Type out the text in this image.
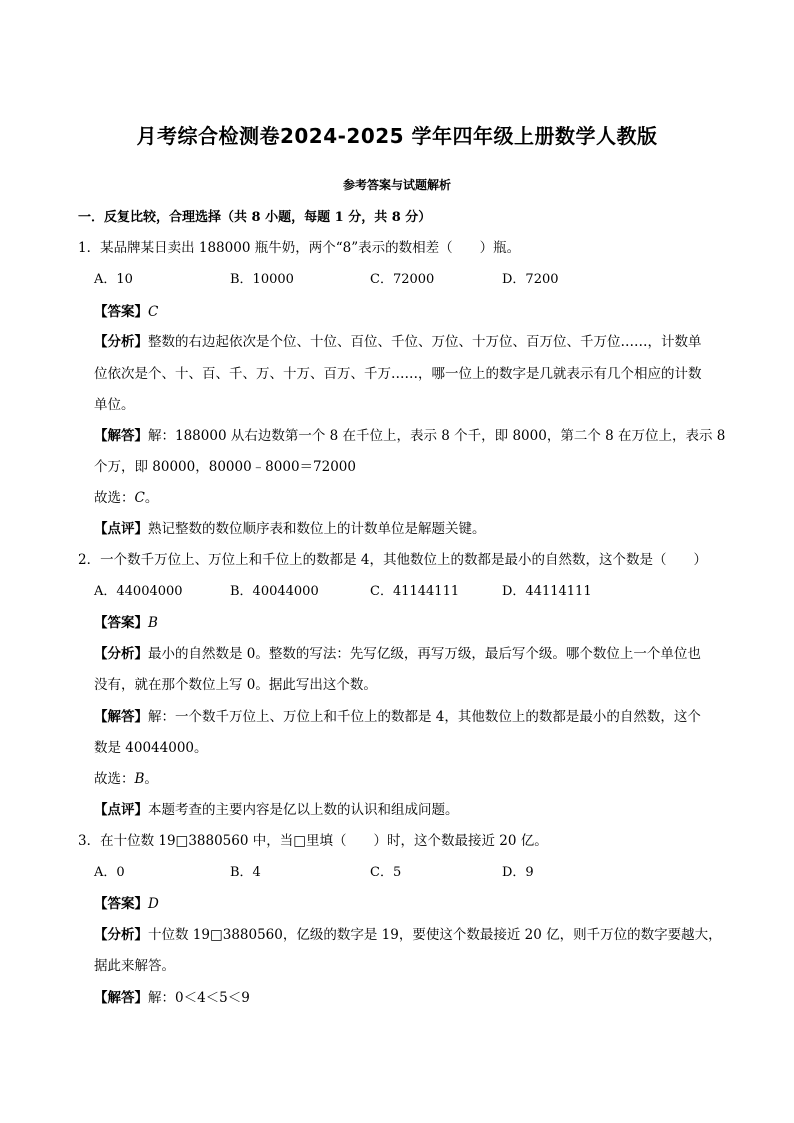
月考综合检测卷2024-2025 学年四年级上册数学人教版
参考答案与试题解析
一．反复比较，合理选择（共 8 小题，每题 1 分，共 8 分）
1．某品牌某日卖出 188000 瓶牛奶，两个“8”表示的数相差（　　）瓶。
A．10	B．10000	C．72000	D．7200
【答案】C
【分析】整数的右边起依次是个位、十位、百位、千位、万位、十万位、百万位、千万位……，计数单
位依次是个、十、百、千、万、十万、百万、千万……，哪一位上的数字是几就表示有几个相应的计数
单位。
【解答】解：188000 从右边数第一个 8 在千位上，表示 8 个千，即 8000，第二个 8 在万位上，表示 8
个万，即 80000，80000﹣8000＝72000
故选：C。
【点评】熟记整数的数位顺序表和数位上的计数单位是解题关键。
2．一个数千万位上、万位上和千位上的数都是 4，其他数位上的数都是最小的自然数，这个数是（　　）
A．44004000	B．40044000	C．41144111	D．44114111
【答案】B
【分析】最小的自然数是 0。整数的写法：先写亿级，再写万级，最后写个级。哪个数位上一个单位也
没有，就在那个数位上写 0。据此写出这个数。
【解答】解：一个数千万位上、万位上和千位上的数都是 4，其他数位上的数都是最小的自然数，这个
数是 40044000。
故选：B。
【点评】本题考查的主要内容是亿以上数的认识和组成问题。
3．在十位数 19□3880560 中，当□里填（　　）时，这个数最接近 20 亿。
A．0	B．4	C．5	D．9
【答案】D
【分析】十位数 19□3880560，亿级的数字是 19，要使这个数最接近 20 亿，则千万位的数字要越大，
据此来解答。
【解答】解：0＜4＜5＜9
